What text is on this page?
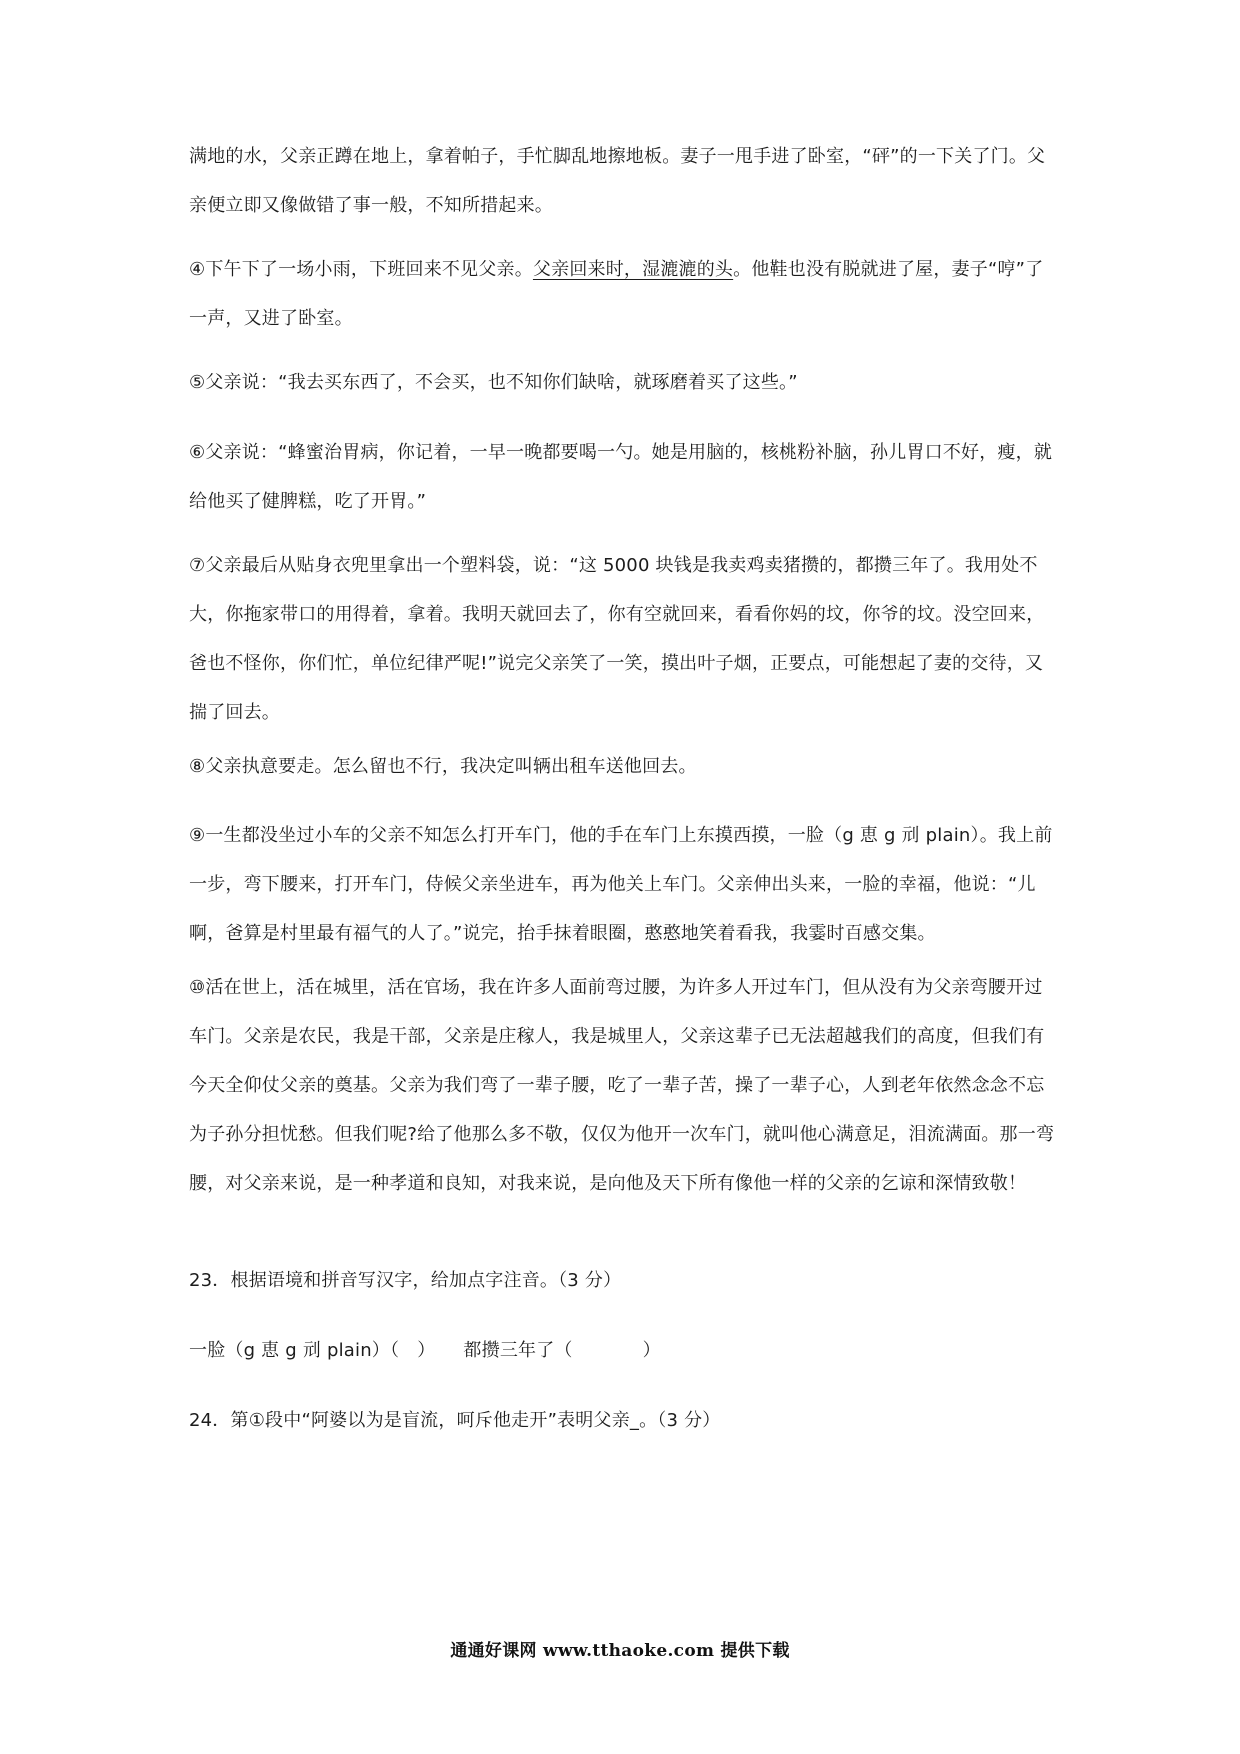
满地的水，父亲正蹲在地上，拿着帕子，手忙脚乱地擦地板。妻子一甩手进了卧室，“砰”的一下关了门。父亲便立即又像做错了事一般，不知所措起来。

④下午下了一场小雨，下班回来不见父亲。父亲回来时，湿漉漉的头。他鞋也没有脱就进了屋，妻子“哼”了一声，又进了卧室。

⑤父亲说：“我去买东西了，不会买，也不知你们缺啥，就琢磨着买了这些。”

⑥父亲说：“蜂蜜治胃病，你记着，一早一晚都要喝一勺。她是用脑的，核桃粉补脑，孙儿胃口不好，瘦，就给他买了健脾糕，吃了开胃。”

⑦父亲最后从贴身衣兜里拿出一个塑料袋，说：“这 5000 块钱是我卖鸡卖猪攒的，都攒三年了。我用处不大，你拖家带口的用得着，拿着。我明天就回去了，你有空就回来，看看你妈的坟，你爷的坟。没空回来，爸也不怪你，你们忙，单位纪律严呢!”说完父亲笑了一笑，摸出叶子烟，正要点，可能想起了妻的交待，又揣了回去。

⑧父亲执意要走。怎么留也不行，我决定叫辆出租车送他回去。

⑨一生都没坐过小车的父亲不知怎么打开车门，他的手在车门上东摸西摸，一脸（g 恵 g 刓 plain）。我上前一步，弯下腰来，打开车门，侍候父亲坐进车，再为他关上车门。父亲伸出头来，一脸的幸福，他说：“儿啊，爸算是村里最有福气的人了。”说完，抬手抹着眼圈，憨憨地笑着看我，我霎时百感交集。

⑩活在世上，活在城里，活在官场，我在许多人面前弯过腰，为许多人开过车门，但从没有为父亲弯腰开过车门。父亲是农民，我是干部，父亲是庄稼人，我是城里人，父亲这辈子已无法超越我们的高度，但我们有今天全仰仗父亲的奠基。父亲为我们弯了一辈子腰，吃了一辈子苦，操了一辈子心，人到老年依然念念不忘为子孙分担忧愁。但我们呢?给了他那么多不敬，仅仅为他开一次车门，就叫他心满意足，泪流满面。那一弯腰，对父亲来说，是一种孝道和良知，对我来说，是向他及天下所有像他一样的父亲的乞谅和深情致敬！

23．根据语境和拼音写汉字，给加点字注音。（3 分）

一脸（g 恵 g 刓 plain）（ ） 都攒三年了（	）

24．第①段中“阿婆以为是盲流，呵斥他走开”表明父亲_。（3 分）

通通好课网 www.tthaoke.com 提供下载
